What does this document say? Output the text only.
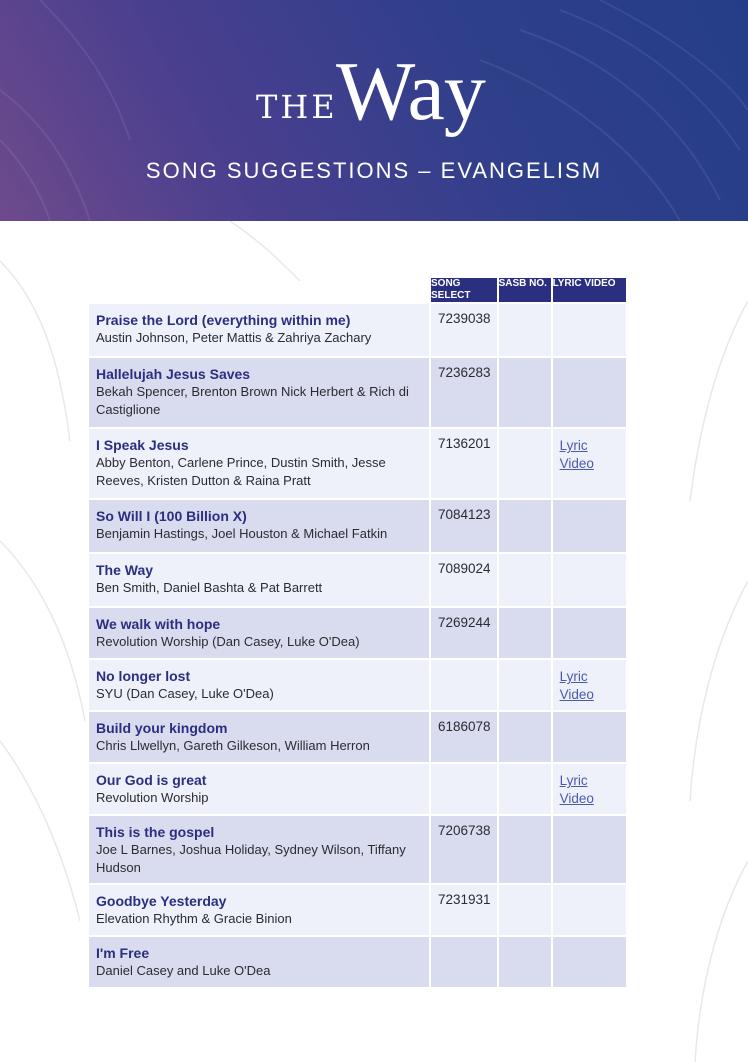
THE
Way
SONG SUGGESTIONS – EVANGELISM
	SONG SELECT	SASB NO.	LYRIC VIDEO

Praise the Lord (everything within me)
Austin Johnson, Peter Mattis & Zahriya Zachary	7239038		

Hallelujah Jesus Saves
Bekah Spencer, Brenton Brown Nick Herbert & Rich di Castiglione	7236283		

I Speak Jesus
Abby Benton, Carlene Prince, Dustin Smith, Jesse Reeves, Kristen Dutton & Raina Pratt	7136201		Lyric Video

So Will I (100 Billion X)
Benjamin Hastings, Joel Houston & Michael Fatkin	7084123		

The Way
Ben Smith, Daniel Bashta & Pat Barrett	7089024		

We walk with hope
Revolution Worship (Dan Casey, Luke O'Dea)	7269244		

No longer lost
SYU (Dan Casey, Luke O'Dea)			Lyric Video

Build your kingdom
Chris Llwellyn, Gareth Gilkeson, William Herron	6186078		

Our God is great
Revolution Worship			Lyric Video

This is the gospel
Joe L Barnes, Joshua Holiday, Sydney Wilson, Tiffany Hudson	7206738		

Goodbye Yesterday
Elevation Rhythm & Gracie Binion	7231931		

I'm Free
Daniel Casey and Luke O'Dea			
